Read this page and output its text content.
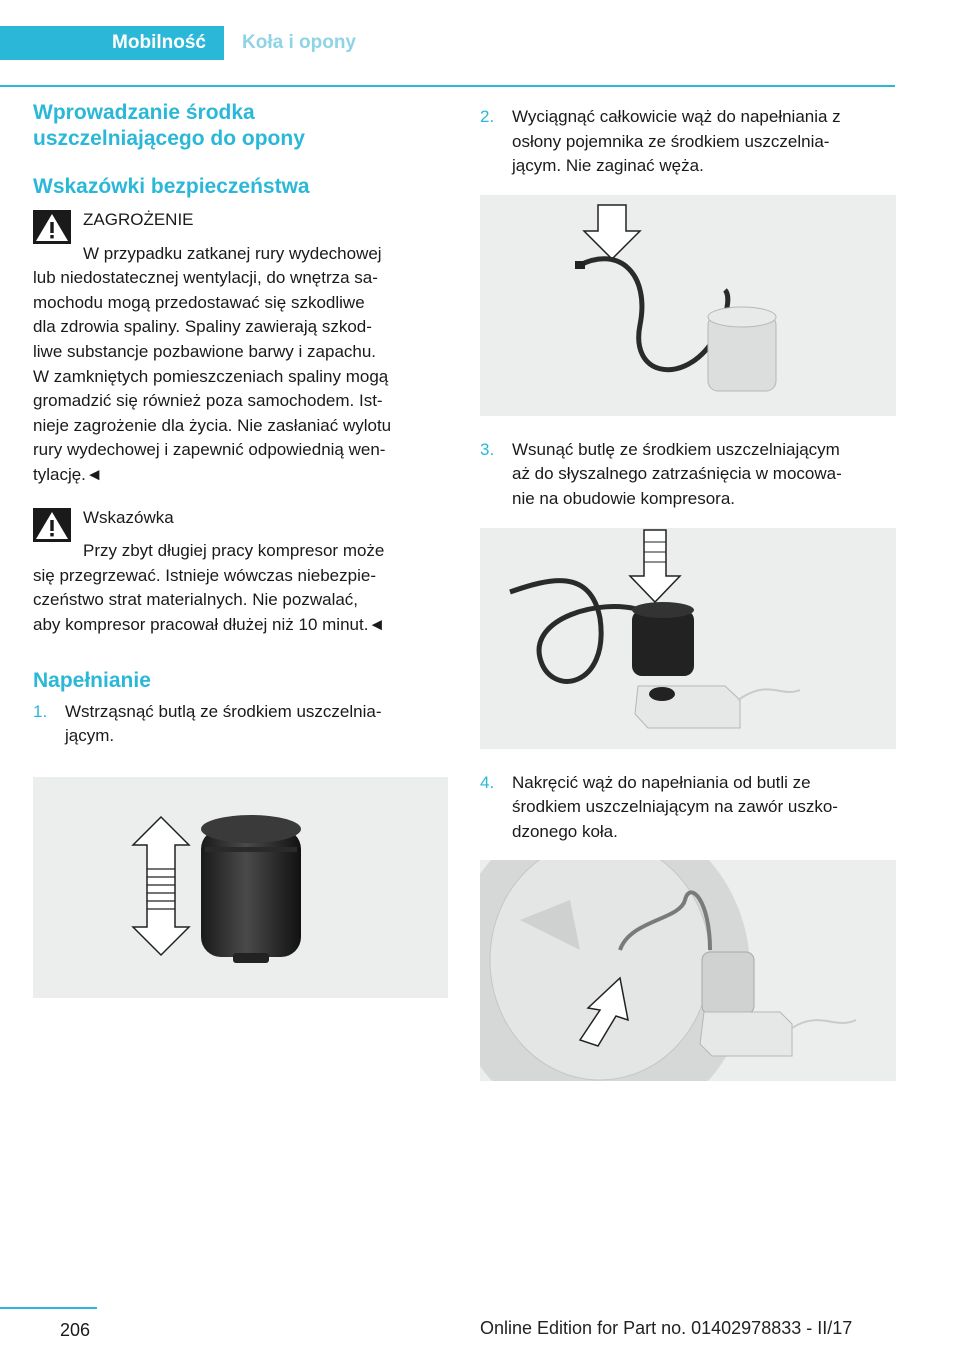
Mobilność	Koła i opony
Wprowadzanie środka
uszczelniającego do opony
Wskazówki bezpieczeństwa

ZAGROŻENIE

W przypadku zatkanej rury wydechowej

lub niedostatecznej wentylacji, do wnętrza sa-

mochodu mogą przedostawać się szkodliwe

dla zdrowia spaliny. Spaliny zawierają szkod-

liwe substancje pozbawione barwy i zapachu.

W zamkniętych pomieszczeniach spaliny mogą

gromadzić się również poza samochodem. Ist-

nieje zagrożenie dla życia. Nie zasłaniać wylotu

rury wydechowej i zapewnić odpowiednią wen-

tylację.◄

Wskazówka

Przy zbyt długiej pracy kompresor może

się przegrzewać. Istnieje wówczas niebezpie-

czeństwo strat materialnych. Nie pozwalać,

aby kompresor pracował dłużej niż 10 minut.◄

Napełnianie
1. Wstrząsnąć butlą ze środkiem uszczelnia-
jącym.
2. Wyciągnąć całkowicie wąż do napełniania z
osłony pojemnika ze środkiem uszczelnia-
jącym. Nie zaginać węża.
3. Wsunąć butlę ze środkiem uszczelniającym
aż do słyszalnego zatrzaśnięcia w mocowa-
nie na obudowie kompresora.
4. Nakręcić wąż do napełniania od butli ze
środkiem uszczelniającym na zawór uszko-
dzonego koła.
206	Online Edition for Part no. 01402978833 - II/17
